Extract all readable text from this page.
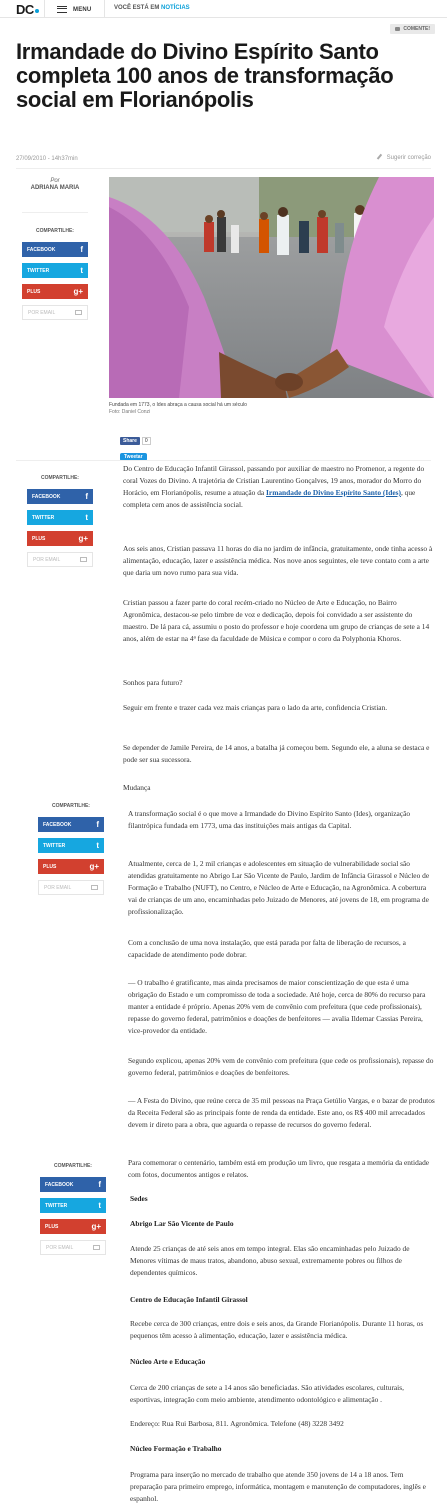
DC	MENU	VOCÊ ESTÁ EM NOTÍCIAS
COMENTE!
Irmandade do Divino Espírito Santo completa 100 anos de transformação social em Florianópolis
27/09/2010 - 14h37min	Sugerir correção
Por
ADRIANA MARIA
COMPARTILHE:
FACEBOOK	f
TWITTER	t
PLUS	g+
POR EMAIL
Fundada em 1773, o Ides abraça a causa social há um século
Foto: Daniel Conzi
Share	0
Tweetar
COMPARTILHE:
FACEBOOK	f
TWITTER	t
PLUS	g+
POR EMAIL

Do Centro de Educação Infantil Girassol, passando por auxiliar de maestro no Promenor, a regente do coral Vozes do Divino. A trajetória de Cristian Laurentino Gonçalves, 19 anos, morador do Morro do Horácio, em Florianópolis, resume a atuação da Irmandade do Divino Espírito Santo (Ides), que completa cem anos de assistência social.

Aos seis anos, Cristian passava 11 horas do dia no jardim de infância, gratuitamente, onde tinha acesso à alimentação, educação, lazer e assistência médica. Nos nove anos seguintes, ele teve contato com a arte que daria um novo rumo para sua vida.

Cristian passou a fazer parte do coral recém-criado no Núcleo de Arte e Educação, no Bairro Agronômica, destacou-se pelo timbre de voz e dedicação, depois foi convidado a ser assistente do maestro. De lá para cá, assumiu o posto do professor e hoje coordena um grupo de crianças de sete a 14 anos, além de estar na 4ª fase da faculdade de Música e compor o coro da Polyphonia Khoros.

Sonhos para futuro?

Seguir em frente e trazer cada vez mais crianças para o lado da arte, confidencia Cristian.

Se depender de Jamile Pereira, de 14 anos, a batalha já começou bem. Segundo ele, a aluna se destaca e pode ser sua sucessora.

Mudança

COMPARTILHE:
FACEBOOK	f
TWITTER	t
PLUS	g+
POR EMAIL

A transformação social é o que move a Irmandade do Divino Espírito Santo (Ides), organização filantrópica fundada em 1773, uma das instituições mais antigas da Capital.

Atualmente, cerca de 1, 2 mil crianças e adolescentes em situação de vulnerabilidade social são atendidas gratuitamente no Abrigo Lar São Vicente de Paulo, Jardim de Infância Girassol e Núcleo de Formação e Trabalho (NUFT), no Centro, e Núcleo de Arte e Educação, na Agronômica. A cobertura vai de crianças de um ano, encaminhadas pelo Juizado de Menores, até jovens de 18, em programa de profissionalização.

Com a conclusão de uma nova instalação, que está parada por falta de liberação de recursos, a capacidade de atendimento pode dobrar.

— O trabalho é gratificante, mas ainda precisamos de maior conscientização de que esta é uma obrigação do Estado e um compromisso de toda a sociedade. Até hoje, cerca de 80% do recurso para manter a entidade é próprio. Apenas 20% vem de convênio com prefeitura (que cede profissionais), repasse do governo federal, patrimônios e doações de benfeitores — avalia Ildemar Cassias Pereira, vice-provedor da entidade.

Segundo explicou, apenas 20% vem de convênio com prefeitura (que cede os profissionais), repasse do governo federal, patrimônios e doações de benfeitores.

— A Festa do Divino, que reúne cerca de 35 mil pessoas na Praça Getúlio Vargas, e o bazar de produtos da Receita Federal são as principais fonte de renda da entidade. Este ano, os R$ 400 mil arrecadados devem ir direto para a obra, que aguarda o repasse de recursos do governo federal.

Para comemorar o centenário, também está em produção um livro, que resgata a memória da entidade com fotos, documentos antigos e relatos.

COMPARTILHE:
FACEBOOK	f
TWITTER	t
PLUS	g+
POR EMAIL

Sedes

Abrigo Lar São Vicente de Paulo

Atende 25 crianças de até seis anos em tempo integral. Elas são encaminhadas pelo Juizado de Menores vítimas de maus tratos, abandono, abuso sexual, extremamente pobres ou filhos de dependentes químicos.

Centro de Educação Infantil Girassol

Recebe cerca de 300 crianças, entre dois e seis anos, da Grande Florianópolis. Durante 11 horas, os pequenos têm acesso à alimentação, educação, lazer e assistência médica.

Núcleo Arte e Educação

Cerca de 200 crianças de sete a 14 anos são beneficiadas. São atividades escolares, culturais, esportivas, integração com meio ambiente, atendimento odontológico e alimentação .

Endereço: Rua Rui Barbosa, 811. Agronômica. Telefone (48) 3228 3492

Núcleo Formação e Trabalho

Programa para inserção no mercado de trabalho que atende 350 jovens de 14 a 18 anos. Tem preparação para primeiro emprego, informática, montagem e manutenção de computadores, inglês e espanhol.
